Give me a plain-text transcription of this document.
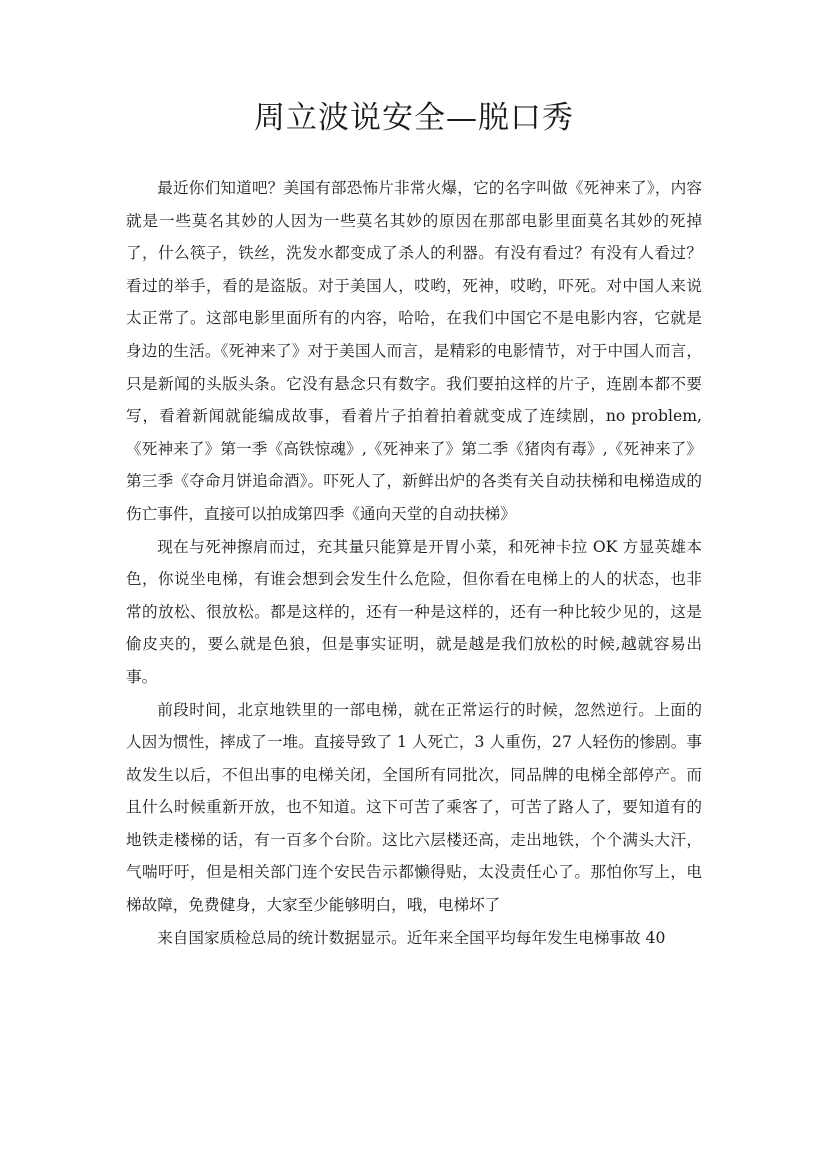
周立波说安全—脱口秀

最近你们知道吧？美国有部恐怖片非常火爆，它的名字叫做《死神来了》，内容就是一些莫名其妙的人因为一些莫名其妙的原因在那部电影里面莫名其妙的死掉了，什么筷子，铁丝，洗发水都变成了杀人的利器。有没有看过？有没有人看过？看过的举手，看的是盗版。对于美国人，哎哟，死神，哎哟，吓死。对中国人来说太正常了。这部电影里面所有的内容，哈哈，在我们中国它不是电影内容，它就是身边的生活。《死神来了》对于美国人而言，是精彩的电影情节，对于中国人而言，只是新闻的头版头条。它没有悬念只有数字。我们要拍这样的片子，连剧本都不要写，看着新闻就能编成故事，看着片子拍着拍着就变成了连续剧，no problem,《死神来了》第一季《高铁惊魂》,《死神来了》第二季《猪肉有毒》,《死神来了》第三季《夺命月饼追命酒》。吓死人了，新鲜出炉的各类有关自动扶梯和电梯造成的伤亡事件，直接可以拍成第四季《通向天堂的自动扶梯》

现在与死神擦肩而过，充其量只能算是开胃小菜，和死神卡拉 OK 方显英雄本色，你说坐电梯，有谁会想到会发生什么危险，但你看在电梯上的人的状态，也非常的放松、很放松。都是这样的，还有一种是这样的，还有一种比较少见的，这是偷皮夹的，要么就是色狼，但是事实证明，就是越是我们放松的时候,越就容易出事。

前段时间，北京地铁里的一部电梯，就在正常运行的时候，忽然逆行。上面的人因为惯性，摔成了一堆。直接导致了 1 人死亡，3 人重伤，27 人轻伤的惨剧。事故发生以后，不但出事的电梯关闭，全国所有同批次，同品牌的电梯全部停产。而且什么时候重新开放，也不知道。这下可苦了乘客了，可苦了路人了，要知道有的地铁走楼梯的话，有一百多个台阶。这比六层楼还高，走出地铁，个个满头大汗，气喘吁吁，但是相关部门连个安民告示都懒得贴，太没责任心了。那怕你写上，电梯故障，免费健身，大家至少能够明白，哦，电梯坏了

来自国家质检总局的统计数据显示。近年来全国平均每年发生电梯事故 40
